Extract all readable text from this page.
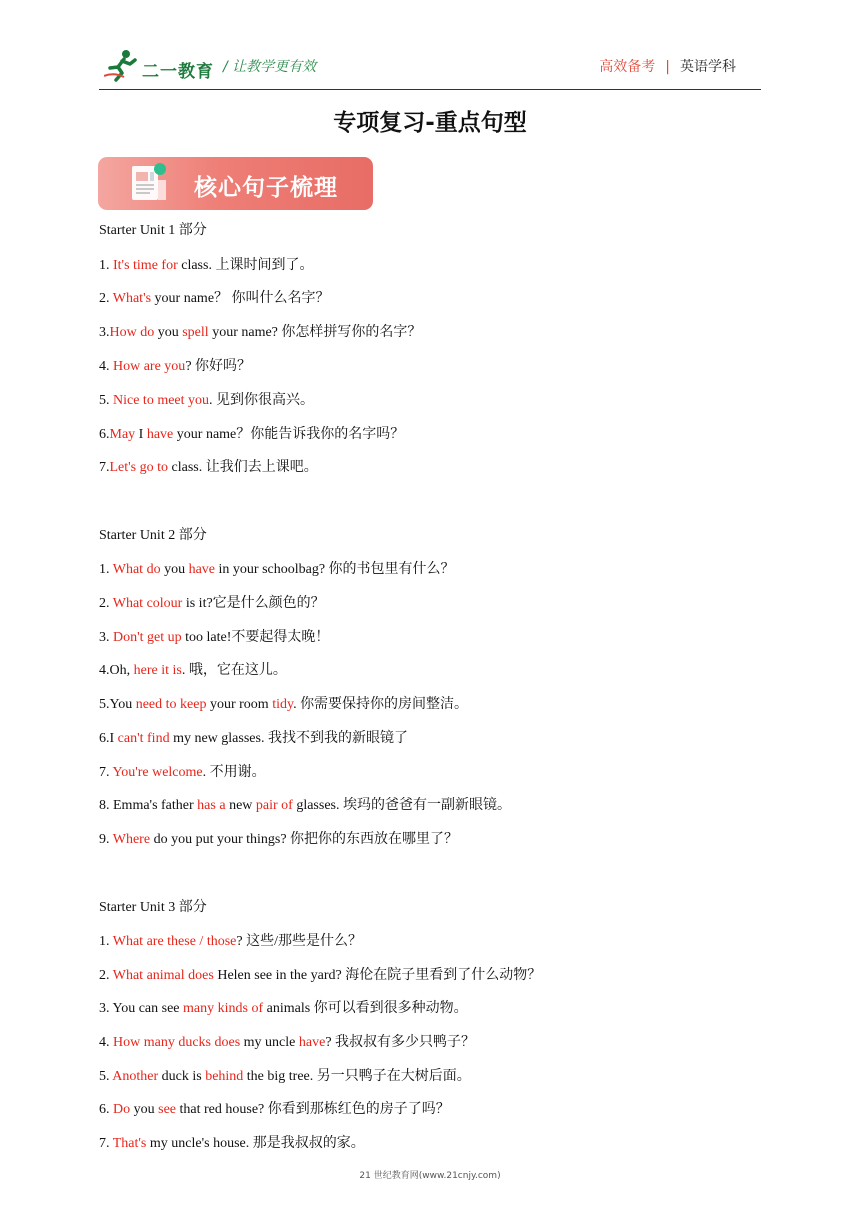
二一教育 / 让教学更有效	高效备考 | 英语学科
专项复习-重点句型
核心句子梳理
Starter Unit 1 部分
1. It's time for class. 上课时间到了。
2. What's your name？ 你叫什么名字？
3.How do you spell your name? 你怎样拼写你的名字？
4. How are you? 你好吗？
5. Nice to meet you. 见到你很高兴。
6.May I have your name？你能告诉我你的名字吗？
7.Let's go to class. 让我们去上课吧。
Starter Unit 2 部分
1. What do you have in your schoolbag? 你的书包里有什么？
2. What colour is it?它是什么颜色的？
3. Don't get up too late!不要起得太晚！
4.Oh, here it is. 哦，它在这儿。
5.You need to keep your room tidy. 你需要保持你的房间整洁。
6.I can't find my new glasses. 我找不到我的新眼镜了
7. You're welcome. 不用谢。
8. Emma's father has a new pair of glasses. 埃玛的爸爸有一副新眼镜。
9. Where do you put your things? 你把你的东西放在哪里了？
Starter Unit 3 部分
1. What are these / those? 这些/那些是什么？
2. What animal does Helen see in the yard? 海伦在院子里看到了什么动物？
3. You can see many kinds of animals 你可以看到很多种动物。
4. How many ducks does my uncle have? 我叔叔有多少只鸭子？
5. Another duck is behind the big tree. 另一只鸭子在大树后面。
6. Do you see that red house? 你看到那栋红色的房子了吗？
7. That's my uncle's house. 那是我叔叔的家。
21 世纪教育网(www.21cnjy.com)
